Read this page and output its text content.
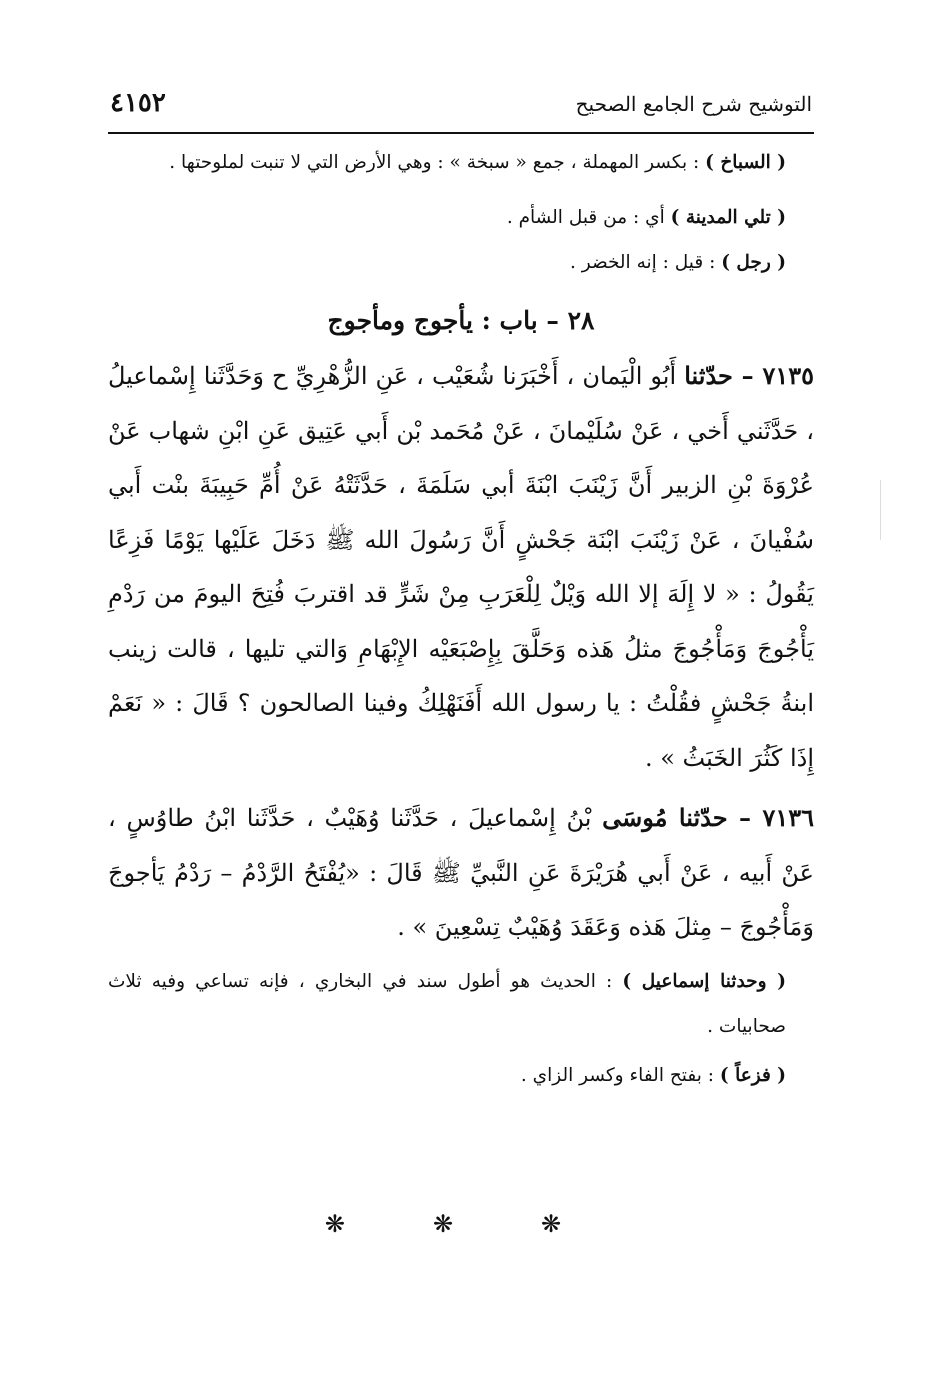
٤١٥٢	التوشيح شرح الجامع الصحيح

( السباخ ) : بكسر المهملة ، جمع « سبخة » : وهي الأرض التي لا تنبت لملوحتها .

( تلي المدينة ) أي : من قبل الشأم .

( رجل ) : قيل : إنه الخضر .

٢٨ – باب : يأجوج ومأجوج

٧١٣٥ – حدّثنا أَبُو الْيَمان ، أَخْبَرَنا شُعَيْب ، عَنِ الزُّهْرِيِّ ح وَحَدَّثَنا إِسْماعيلُ ، حَدَّثَني أَخي ، عَنْ سُلَيْمانَ ، عَنْ مُحَمد بْن أَبي عَتِيق عَنِ ابْنِ شهاب عَنْ عُرْوَةَ بْنِ الزبير أَنَّ زَيْنَبَ ابْنَةَ أبي سَلَمَةَ ، حَدَّثَتْهُ عَنْ أُمِّ حَبِيبَةَ بنْت أَبي سُفْيانَ ، عَنْ زَيْنَبَ ابْنَة جَحْشٍ أَنَّ رَسُولَ الله ﷺ دَخَلَ عَلَيْها يَوْمًا فَزِعًا يَقُولُ : « لا إِلَهَ إلا الله وَيْلٌ لِلْعَرَبِ مِنْ شَرٍّ قد اقتربَ فُتِحَ اليومَ من رَدْمِ يَأْجُوجَ وَمَأْجُوجَ مثلُ هَذه وَحَلَّقَ بِإِصْبَعَيْه الإِبْهَامِ وَالتي تليها ، قالت زينب ابنةُ جَحْشٍ فقُلْتُ : يا رسول الله أَفَنَهْلِكُ وفينا الصالحون ؟ قَالَ : « نَعَمْ إِذَا كَثُرَ الخَبَثُ » .

٧١٣٦ – حدّثنا مُوسَى بْنُ إِسْماعيلَ ، حَدَّثَنا وُهَيْبٌ ، حَدَّثَنا ابْنُ طاوُسٍ ، عَنْ أَبيه ، عَنْ أَبي هُرَيْرَةَ عَنِ النَّبيِّ ﷺ قَالَ : «يُفْتَحُ الرَّدْمُ – رَدْمُ يَأجوجَ وَمَأْجُوجَ – مِثلَ هَذه وَعَقَدَ وُهَيْبٌ تِسْعِينَ » .

( وحدثنا إسماعيل ) : الحديث هو أطول سند في البخاري ، فإنه تساعي وفيه ثلاث صحابيات .

( فزعاً ) : بفتح الفاء وكسر الزاي .

❋❋❋
